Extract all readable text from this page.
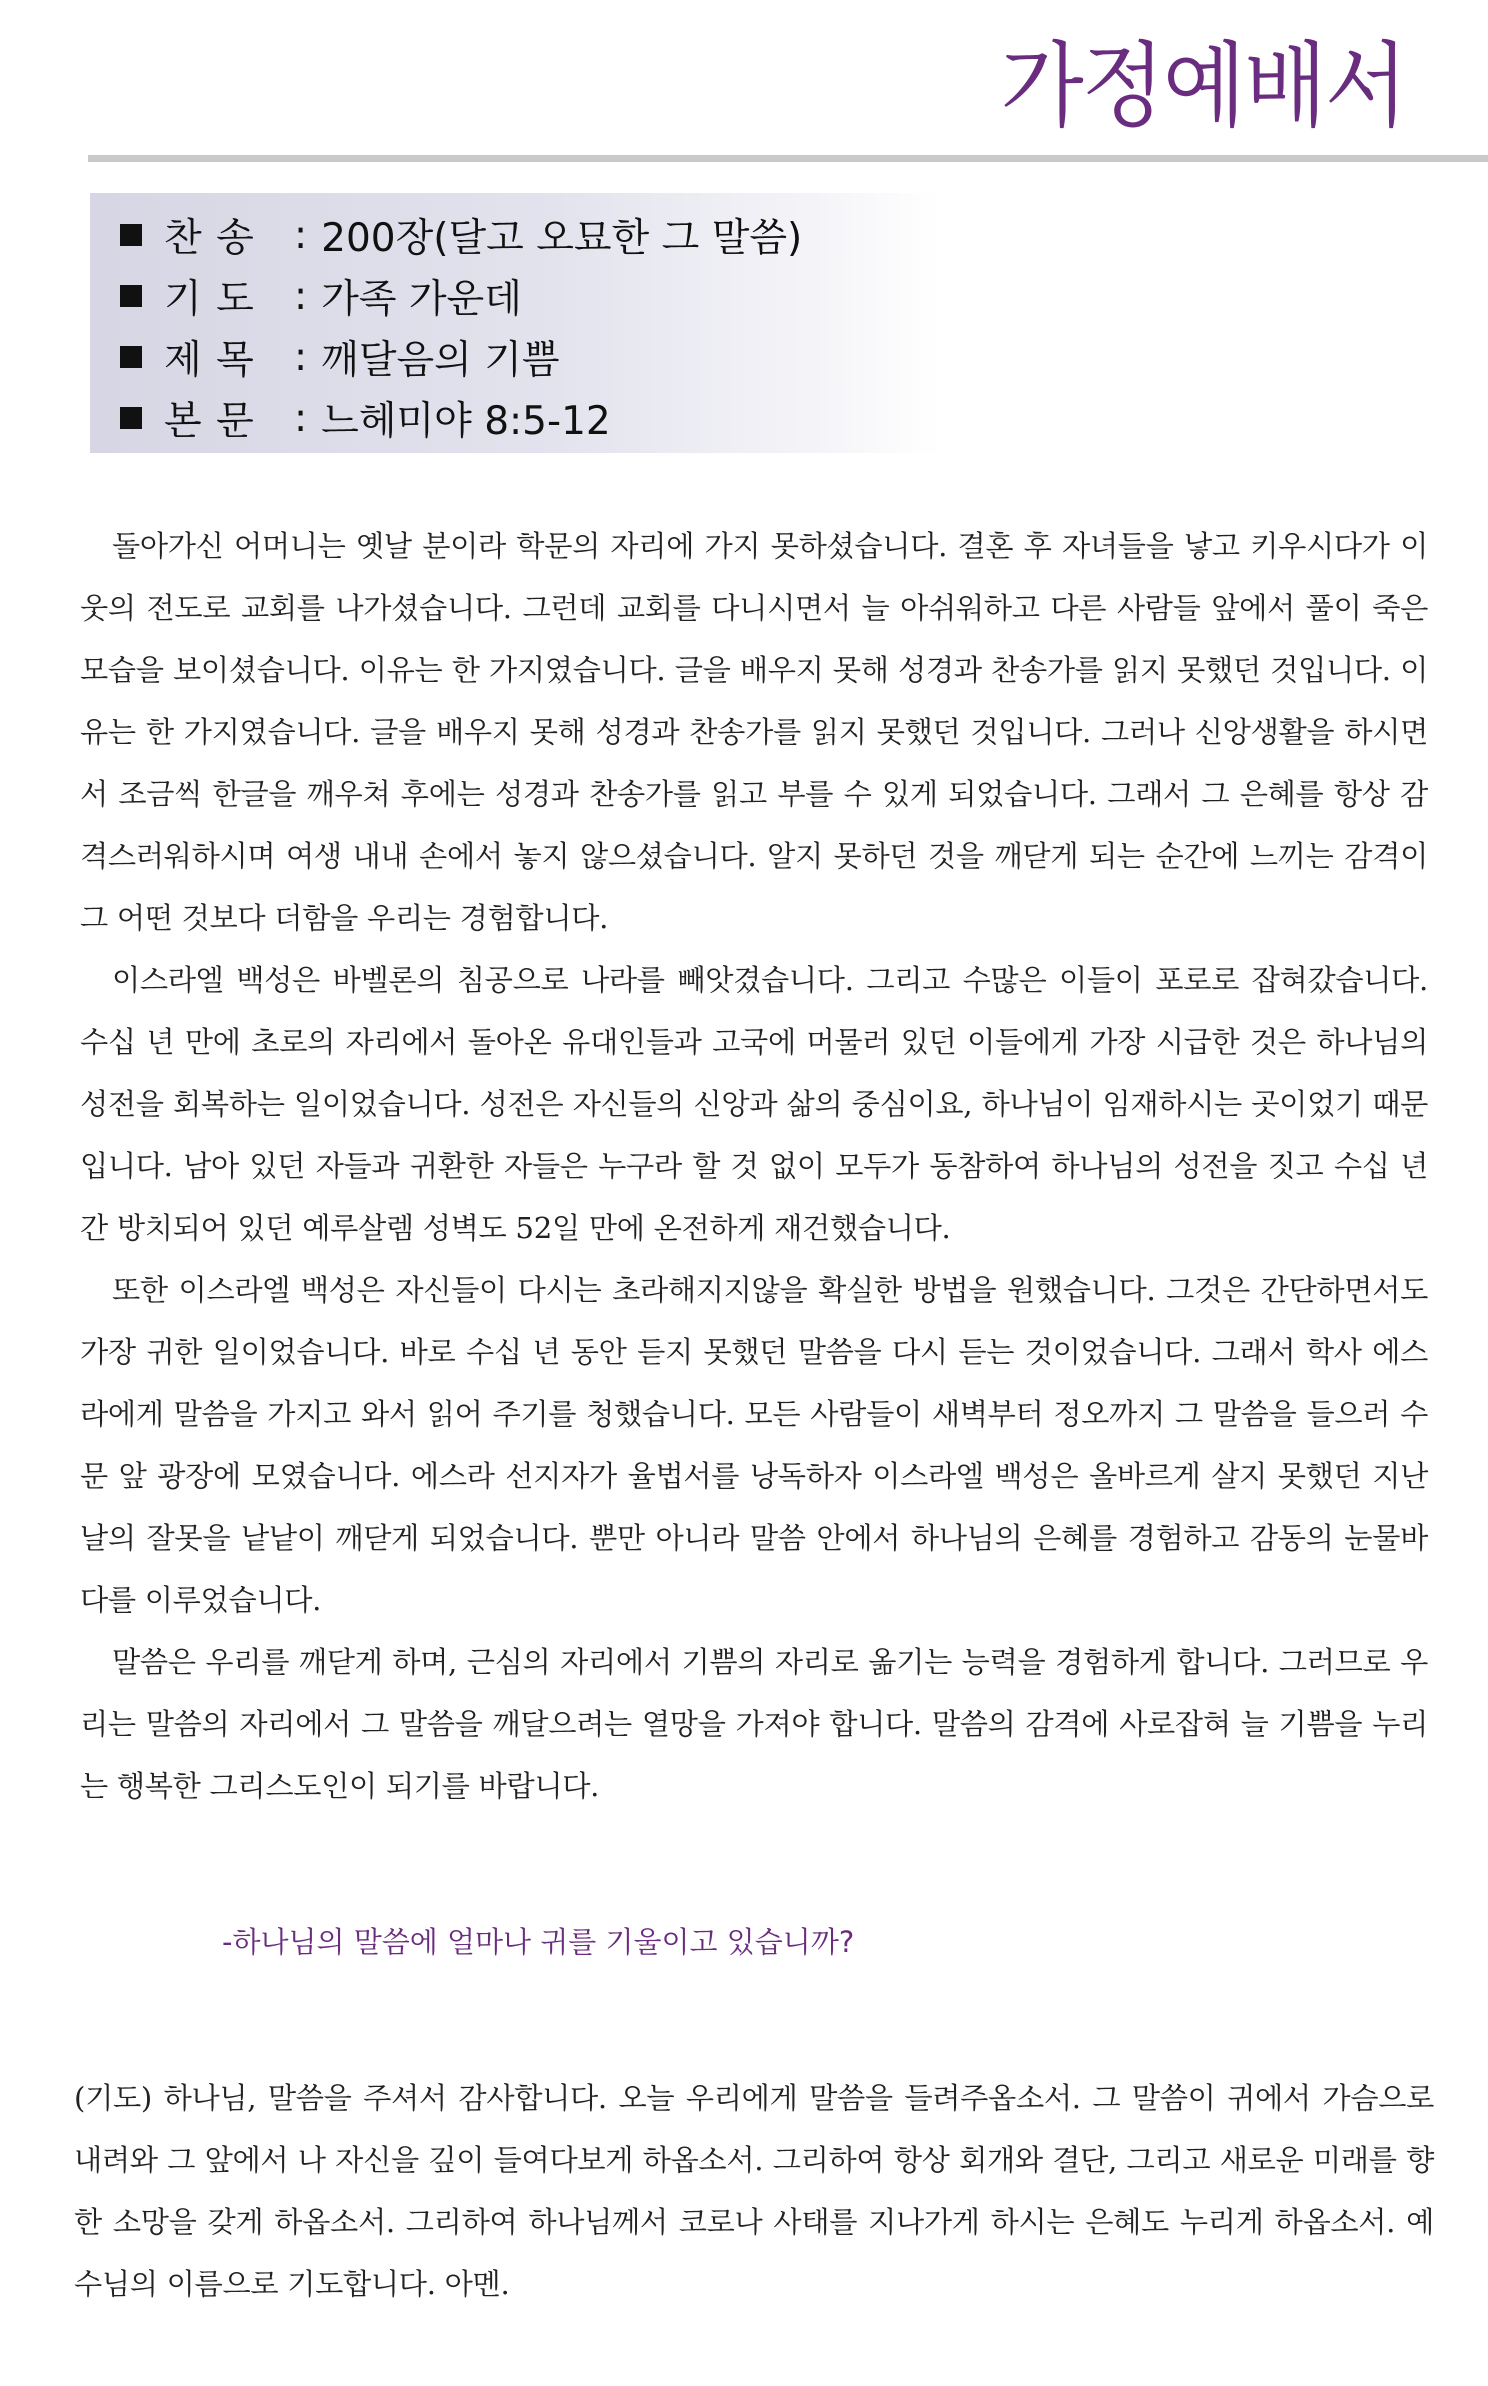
가정예배서
찬 송	: 200장(달고 오묘한 그 말씀)
기 도	: 가족 가운데
제 목	: 깨달음의 기쁨
본 문	: 느헤미야 8:5-12

돌아가신 어머니는 옛날 분이라 학문의 자리에 가지 못하셨습니다. 결혼 후 자녀들을 낳고 키우시다가 이웃의 전도로 교회를 나가셨습니다. 그런데 교회를 다니시면서 늘 아쉬워하고 다른 사람들 앞에서 풀이 죽은 모습을 보이셨습니다. 이유는 한 가지였습니다. 글을 배우지 못해 성경과 찬송가를 읽지 못했던 것입니다. 이유는 한 가지였습니다. 글을 배우지 못해 성경과 찬송가를 읽지 못했던 것입니다. 그러나 신앙생활을 하시면서 조금씩 한글을 깨우쳐 후에는 성경과 찬송가를 읽고 부를 수 있게 되었습니다. 그래서 그 은혜를 항상 감격스러워하시며 여생 내내 손에서 놓지 않으셨습니다. 알지 못하던 것을 깨닫게 되는 순간에 느끼는 감격이 그 어떤 것보다 더함을 우리는 경험합니다.

이스라엘 백성은 바벨론의 침공으로 나라를 빼앗겼습니다. 그리고 수많은 이들이 포로로 잡혀갔습니다. 수십 년 만에 초로의 자리에서 돌아온 유대인들과 고국에 머물러 있던 이들에게 가장 시급한 것은 하나님의 성전을 회복하는 일이었습니다. 성전은 자신들의 신앙과 삶의 중심이요, 하나님이 임재하시는 곳이었기 때문입니다. 남아 있던 자들과 귀환한 자들은 누구라 할 것 없이 모두가 동참하여 하나님의 성전을 짓고 수십 년간 방치되어 있던 예루살렘 성벽도 52일 만에 온전하게 재건했습니다.

또한 이스라엘 백성은 자신들이 다시는 초라해지지않을 확실한 방법을 원했습니다. 그것은 간단하면서도 가장 귀한 일이었습니다. 바로 수십 년 동안 듣지 못했던 말씀을 다시 듣는 것이었습니다. 그래서 학사 에스라에게 말씀을 가지고 와서 읽어 주기를 청했습니다. 모든 사람들이 새벽부터 정오까지 그 말씀을 들으러 수문 앞 광장에 모였습니다. 에스라 선지자가 율법서를 낭독하자 이스라엘 백성은 올바르게 살지 못했던 지난날의 잘못을 낱낱이 깨닫게 되었습니다. 뿐만 아니라 말씀 안에서 하나님의 은혜를 경험하고 감동의 눈물바다를 이루었습니다.

말씀은 우리를 깨닫게 하며, 근심의 자리에서 기쁨의 자리로 옮기는 능력을 경험하게 합니다. 그러므로 우리는 말씀의 자리에서 그 말씀을 깨달으려는 열망을 가져야 합니다. 말씀의 감격에 사로잡혀 늘 기쁨을 누리는 행복한 그리스도인이 되기를 바랍니다.

-하나님의 말씀에 얼마나 귀를 기울이고 있습니까?

(기도) 하나님, 말씀을 주셔서 감사합니다. 오늘 우리에게 말씀을 들려주옵소서. 그 말씀이 귀에서 가슴으로 내려와 그 앞에서 나 자신을 깊이 들여다보게 하옵소서. 그리하여 항상 회개와 결단, 그리고 새로운 미래를 향한 소망을 갖게 하옵소서. 그리하여 하나님께서 코로나 사태를 지나가게 하시는 은혜도 누리게 하옵소서. 예수님의 이름으로 기도합니다. 아멘.
